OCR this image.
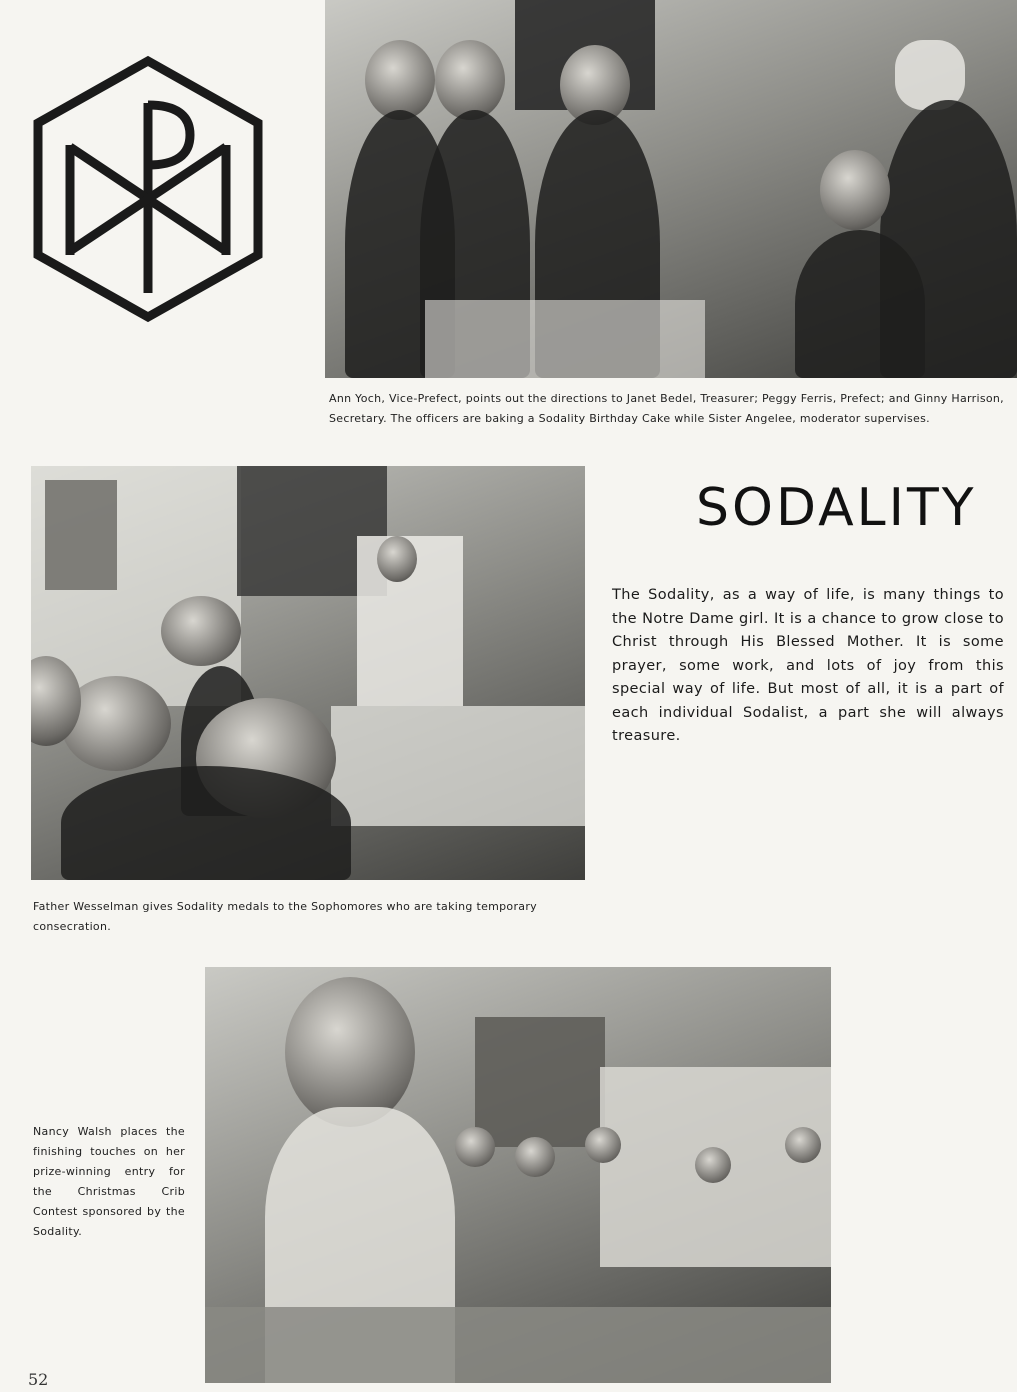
Ann Yoch, Vice-Prefect, points out the directions to Janet Bedel, Treasurer; Peggy Ferris, Prefect; and Ginny Harrison, Secretary. The officers are baking a Sodality Birthday Cake while Sister Angelee, moderator supervises.
Father Wesselman gives Sodality medals to the Sophomores who are taking temporary consecration.
SODALITY

The Sodality, as a way of life, is many things to the Notre Dame girl. It is a chance to grow close to Christ through His Blessed Mother. It is some prayer, some work, and lots of joy from this special way of life. But most of all, it is a part of each individual Sodalist, a part she will always treasure.

Nancy Walsh places the finishing touches on her prize-winning entry for the Christmas Crib Contest sponsored by the Sodality.
52
